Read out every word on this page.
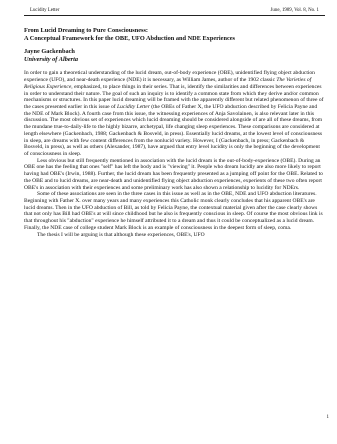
Lucidity Letter	June, 1989, Vol. 8, No. 1
From Lucid Dreaming to Pure Consciousness:
A Conceptual Framework for the OBE, UFO Abduction and NDE Experiences
Jayne Gackenbach
University of Alberta

In order to gain a theoretical understanding of the lucid dream, out-of-body experience (OBE), unidentified flying object abduction experience (UFO), and near-death experience (NDE) it is necessary, as William James, author of the 1902 classic The Varieties of Religious Experience, emphasized, to place things in their series. That is, identify the similarities and differences between experiences in order to understand their nature. The goal of such an inquiry is to identify a common state from which they derive and/or common mechanisms or structures. In this paper lucid dreaming will be framed with the apparently different but related phenomenon of three of the cases presented earlier in this issue of Lucidity Letter (the OBEs of Father X, the UFO abduction described by Felicia Payne and the NDE of Mark Block). A fourth case from this issue, the witnessing experiences of Anja Savolainen, is also relevant later in this discussion. The most obvious set of experiences which lucid dreaming should be considered alongside of are all of these dreams, from the mundane true-to-daily-life to the highly bizarre, archetypal, life changing sleep experiences. These comparisons are considered at length elsewhere (Gackenbach, 1988; Gackenbach & Bosveld, in press). Essentially lucid dreams, at the lowest level of consciousness in sleep, are dreams with few content differences from the nonlucid variety. However, I (Gackenbach, in press; Gackenbach & Bosveld, in press), as well as others (Alexander, 1987), have argued that entry level lucidity is only the beginning of the development of consciousness in sleep.

Less obvious but still frequently mentioned in association with the lucid dream is the out-of-body-experience (OBE). During an OBE one has the feeling that ones "self" has left the body and is "viewing" it. People who dream lucidly are also more likely to report having had OBE's (Irwin, 1988). Further, the lucid dream has been frequently presented as a jumping off point for the OBE. Related to the OBE and to lucid dreams, are near-death and unidentified flying object abduction experiences, experients of these two often report OBE's in association with their experiences and some preliminary work has also shown a relationship to lucidity for NDErs.

Some of these associations are seen in the three cases in this issue as well as in the OBE, NDE and UFO abduction literatures. Beginning with Father X. over many years and many experiences this Catholic monk clearly concludes that his apparent OBE's are lucid dreams. Then in the UFO abduction of Bill, as told by Felicia Payne, the contextual material given after the case clearly shows that not only has Bill had OBE's at will since childhood but he also is frequently conscious in sleep. Of course the most obvious link is that throughout his "abduction" experience he himself attributed it to a dream and thus it could be conceptualized as a lucid dream. Finally, the NDE case of college student Mark Block is an example of consciousness in the deepest form of sleep, coma.

The thesis I will be arguing is that although these experiences, OBE's, UFO

1
